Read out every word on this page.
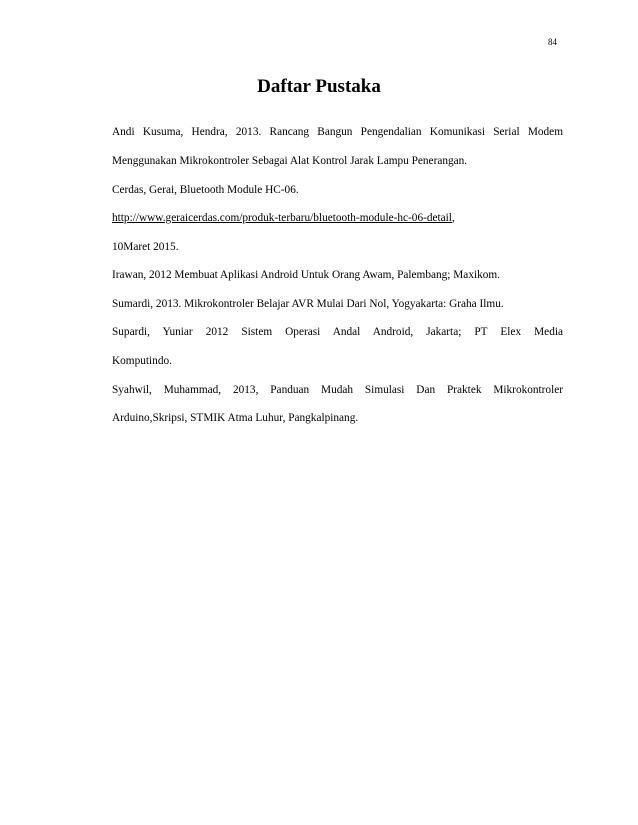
84
Daftar Pustaka
Andi Kusuma, Hendra, 2013. Rancang Bangun Pengendalian Komunikasi Serial Modem
Menggunakan Mikrokontroler Sebagai Alat Kontrol Jarak Lampu Penerangan.
Cerdas, Gerai, Bluetooth Module HC-06.
http://www.geraicerdas.com/produk-terbaru/bluetooth-module-hc-06-detail,
10Maret 2015.
Irawan, 2012 Membuat Aplikasi Android Untuk Orang Awam, Palembang; Maxikom.
Sumardi, 2013. Mikrokontroler Belajar AVR Mulai Dari Nol, Yogyakarta: Graha Ilmu.
Supardi, Yuniar 2012 Sistem Operasi Andal Android, Jakarta; PT Elex Media
Komputindo.
Syahwil, Muhammad, 2013, Panduan Mudah Simulasi Dan Praktek Mikrokontroler
Arduino,Skripsi, STMIK Atma Luhur, Pangkalpinang.
